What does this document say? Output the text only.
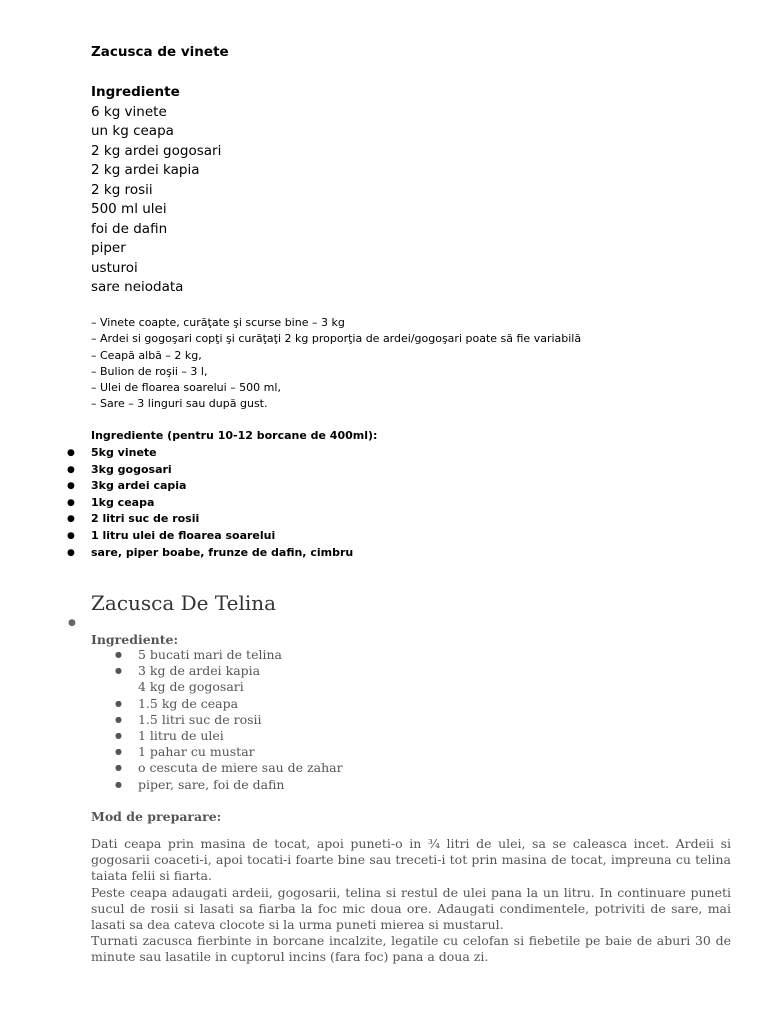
Zacusca de vinete
Ingrediente
6 kg vinete
un kg ceapa
2 kg ardei gogosari
2 kg ardei kapia
2 kg rosii
500 ml ulei
foi de dafin
piper
usturoi
sare neiodata
– Vinete coapte, curăţate şi scurse bine – 3 kg
– Ardei si gogoşari copţi şi curăţaţi 2 kg proporţia de ardei/gogoşari poate să fie variabilă
– Ceapă albă – 2 kg,
– Bulion de roşii – 3 l,
– Ulei de floarea soarelui – 500 ml,
– Sare – 3 linguri sau după gust.
Ingrediente (pentru 10-12 borcane de 400ml):
● 5kg vinete
● 3kg gogosari
● 3kg ardei capia
● 1kg ceapa
● 2 litri suc de rosii
● 1 litru ulei de floarea soarelui
● sare, piper boabe, frunze de dafin, cimbru
Zacusca De Telina
●
Ingrediente:
● 5 bucati mari de telina
● 3 kg de ardei kapia
4 kg de gogosari
● 1.5 kg de ceapa
● 1.5 litri suc de rosii
● 1 litru de ulei
● 1 pahar cu mustar
● o cescuta de miere sau de zahar
● piper, sare, foi de dafin
Mod de preparare:

Dati ceapa prin masina de tocat, apoi puneti-o in ¾ litri de ulei, sa se caleasca incet. Ardeii si gogosarii coaceti-i, apoi tocati-i foarte bine sau treceti-i tot prin masina de tocat, impreuna cu telina taiata felii si fiarta.

Peste ceapa adaugati ardeii, gogosarii, telina si restul de ulei pana la un litru. In continuare puneti sucul de rosii si lasati sa fiarba la foc mic doua ore. Adaugati condimentele, potriviti de sare, mai lasati sa dea cateva clocote si la urma puneti mierea si mustarul.

Turnati zacusca fierbinte in borcane incalzite, legatile cu celofan si fiebetile pe baie de aburi 30 de minute sau lasatile in cuptorul incins (fara foc) pana a doua zi.
